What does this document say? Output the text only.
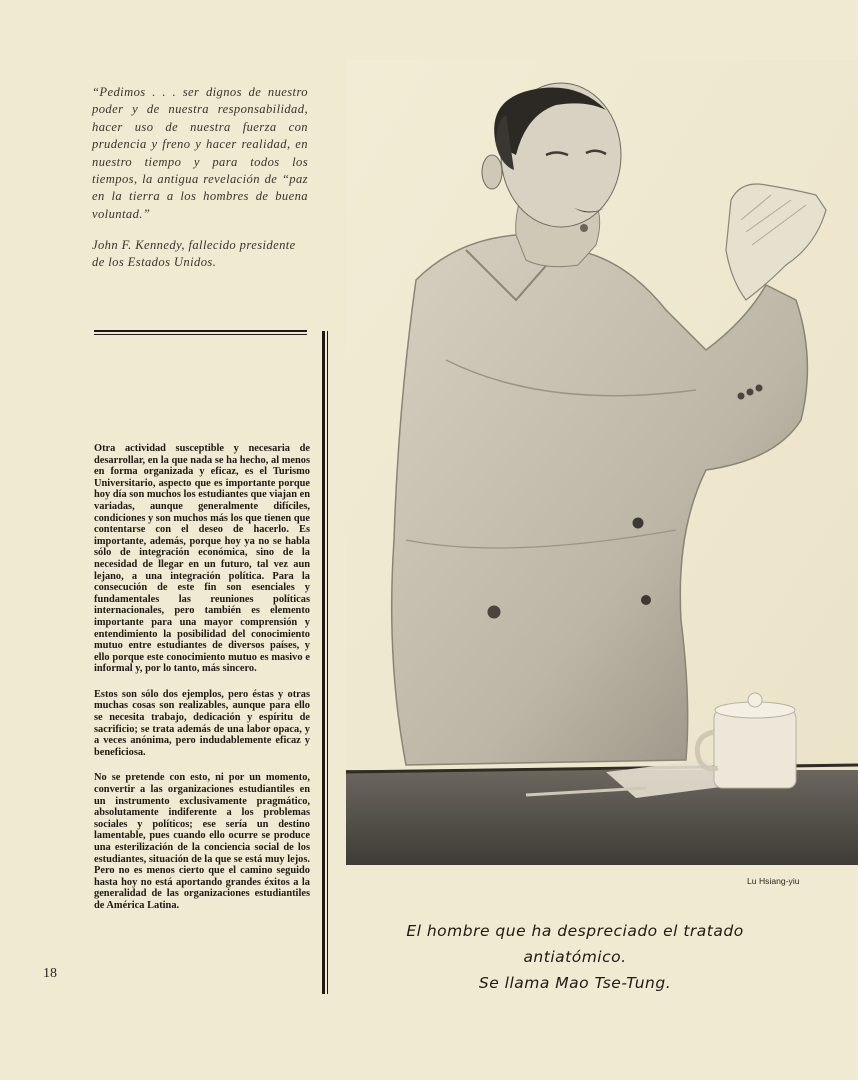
“Pedimos . . . ser dignos de nuestro poder y de nuestra responsabilidad, hacer uso de nuestra fuerza con prudencia y freno y hacer realidad, en nuestro tiempo y para todos los tiempos, la antigua revelación de “paz en la tierra a los hombres de buena voluntad.”
John F. Kennedy, fallecido presidente de los Estados Unidos.

Otra actividad susceptible y necesaria de desarrollar, en la que nada se ha hecho, al menos en forma organizada y eficaz, es el Turismo Universitario, aspecto que es importante porque hoy día son muchos los estudiantes que viajan en variadas, aunque generalmente difíciles, condiciones y son muchos más los que tienen que contentarse con el deseo de hacerlo. Es importante, además, porque hoy ya no se habla sólo de integración económica, sino de la necesidad de llegar en un futuro, tal vez aun lejano, a una integración política. Para la consecución de este fin son esenciales y fundamentales las reuniones políticas internacionales, pero también es elemento importante para una mayor comprensión y entendimiento la posibilidad del conocimiento mutuo entre estudiantes de diversos países, y ello porque este conocimiento mutuo es masivo e informal y, por lo tanto, más sincero.

Estos son sólo dos ejemplos, pero éstas y otras muchas cosas son realizables, aunque para ello se necesita trabajo, dedicación y espíritu de sacrificio; se trata además de una labor opaca, y a veces anónima, pero indudablemente eficaz y beneficiosa.

No se pretende con esto, ni por un momento, convertir a las organizaciones estudiantiles en un instrumento exclusivamente pragmático, absolutamente indiferente a los problemas sociales y políticos; ese sería un destino lamentable, pues cuando ello ocurre se produce una esterilización de la conciencia social de los estudiantes, situación de la que se está muy lejos. Pero no es menos cierto que el camino seguido hasta hoy no está aportando grandes éxitos a la generalidad de las organizaciones estudiantiles de América Latina.

18
Lu Hsiang-yiu
El hombre que ha despreciado el tratado
antiatómico.
Se llama Mao Tse-Tung.
